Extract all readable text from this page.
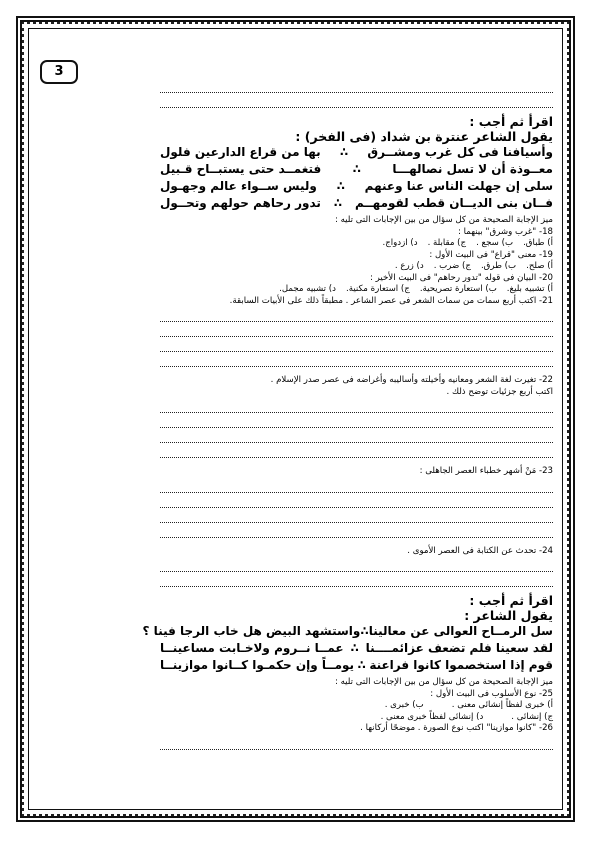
3
اقرأ ثم أجب :
يقول الشاعر عنترة بن شداد (فى الفخر) :
وأسيافنا فى كل غرب ومشــرق
∴
بها من قراع الدارعين فلول
معــوذة أن لا تسل نصالهـــا
∴
فتغمــد حتى يستبــاح قـبيل
سلى إن جهلت الناس عنا وعنهم
∴
وليس ســواء عالم وجهـول
فــان بنى الديــان قطب لقومهــم
∴
تدور رحاهم حولهم وتحــول
ميز الإجابة الصحيحة من كل سؤال من بين الإجابات التى تليه :
18- "غرب وشرق" بينهما :
أ) طباق.
ب) سجع .
ج) مقابلة .
د) ازدواج.
19- معنى "قراع" فى البيت الأول :
أ) صلح.
ب) طرق.
ج) ضرب .
د) زرع .
20- البيان فى قوله "تدور رحاهم" فى البيت الأخير :
أ) تشبيه بليغ.
ب) استعارة تصريحية.
ج) استعارة مكنية.
د) تشبيه مجمل.
21- اكتب أربع سمات من سمات الشعر فى عصر الشاعر . مطبقاً ذلك على الأبيات السابقة.
22- تغيرت لغة الشعر ومعانيه وأخيلته وأساليبه وأغراضه فى عصر صدر الإسلام .
اكتب أربع جزئيات توضح ذلك .
23- مَنْ أشهر خطباء العصر الجاهلى :
24- تحدث عن الكتابة فى العصر الأموى .
اقرأ ثم أجب :
يقول الشاعر :
سل الرمــاح العوالى عن معالينا
∴
واستشهد البيض هل خاب الرجا فينا ؟
لقد سعينا فلم تضعف عزائمــــنا
∴
عمــا نــروم ولاخـابت مساعينــا
قوم إذا استخصموا كانوا فراعنة
∴
يومــاً وإن حكمـوا كــانوا موازينــا
ميز الإجابة الصحيحة من كل سؤال من بين الإجابات التى تليه :
25- نوع الأسلوب فى البيت الأول :
أ) خبرى لفظاً إنشائى معنى .
ب) خبرى .
ج) إنشائى .
د) إنشائى لفظاً خبرى معنى .
26- "كانوا موازينا" اكتب نوع الصورة . موضحًا أركانها .
